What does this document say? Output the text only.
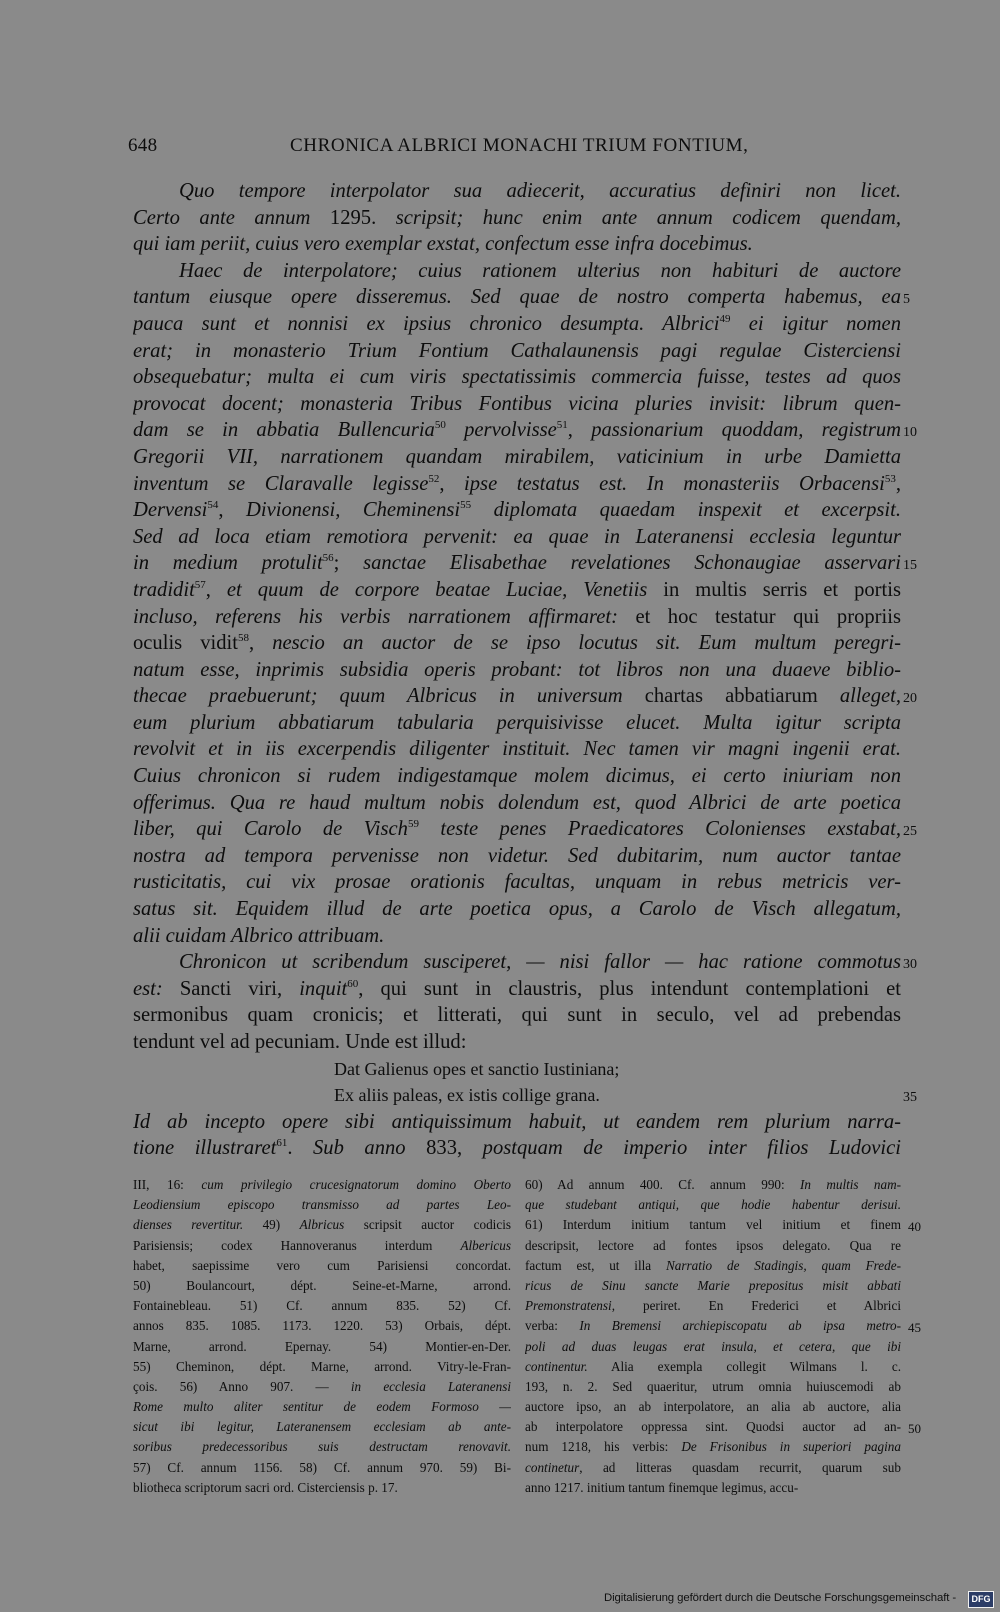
648	CHRONICA ALBRICI MONACHI TRIUM FONTIUM,
Quo tempore interpolator sua adiecerit, accuratius definiri non licet.
Certo ante annum 1295. scripsit; hunc enim ante annum codicem quendam,
qui iam periit, cuius vero exemplar exstat, confectum esse infra docebimus.
Haec de interpolatore; cuius rationem ulterius non habituri de auctore
tantum eiusque opere disseremus. Sed quae de nostro comperta habemus, ea
pauca sunt et nonnisi ex ipsius chronico desumpta. Albrici$^{49}$ ei igitur nomen
erat; in monasterio Trium Fontium Cathalaunensis pagi regulae Cisterciensi
obsequebatur; multa ei cum viris spectatissimis commercia fuisse, testes ad quos
provocat docent; monasteria Tribus Fontibus vicina pluries invisit: librum quen-
dam se in abbatia Bullencuria$^{50}$ pervolvisse$^{51}$, passionarium quoddam, registrum
Gregorii VII, narrationem quandam mirabilem, vaticinium in urbe Damietta
inventum se Claravalle legisse$^{52}$, ipse testatus est. In monasteriis Orbacensi$^{53}$,
Dervensi$^{54}$, Divionensi, Cheminensi$^{55}$ diplomata quaedam inspexit et excerpsit.
Sed ad loca etiam remotiora pervenit: ea quae in Lateranensi ecclesia leguntur
in medium protulit$^{56}$; sanctae Elisabethae revelationes Schonaugiae asservari
tradidit$^{57}$, et quum de corpore beatae Luciae, Venetiis in multis serris et portis
incluso, referens his verbis narrationem affirmaret: et hoc testatur qui propriis
oculis vidit$^{58}$, nescio an auctor de se ipso locutus sit. Eum multum peregri-
natum esse, inprimis subsidia operis probant: tot libros non una duaeve biblio-
thecae praebuerunt; quum Albricus in universum chartas abbatiarum alleget,
eum plurium abbatiarum tabularia perquisivisse elucet. Multa igitur scripta
revolvit et in iis excerpendis diligenter instituit. Nec tamen vir magni ingenii erat.
Cuius chronicon si rudem indigestamque molem dicimus, ei certo iniuriam non
offerimus. Qua re haud multum nobis dolendum est, quod Albrici de arte poetica
liber, qui Carolo de Visch$^{59}$ teste penes Praedicatores Colonienses exstabat,
nostra ad tempora pervenisse non videtur. Sed dubitarim, num auctor tantae
rusticitatis, cui vix prosae orationis facultas, unquam in rebus metricis ver-
satus sit. Equidem illud de arte poetica opus, a Carolo de Visch allegatum,
alii cuidam Albrico attribuam.
Chronicon ut scribendum susciperet, — nisi fallor — hac ratione commotus
est: Sancti viri, inquit$^{60}$, qui sunt in claustris, plus intendunt contemplationi et
sermonibus quam cronicis; et litterati, qui sunt in seculo, vel ad prebendas
tendunt vel ad pecuniam. Unde est illud:
Dat Galienus opes et sanctio Iustiniana;
Ex aliis paleas, ex istis collige grana.
Id ab incepto opere sibi antiquissimum habuit, ut eandem rem plurium narra-
tione illustraret$^{61}$. Sub anno 833, postquam de imperio inter filios Ludovici
5
10
15
20
25
30
35
III, 16: cum privilegio crucesignatorum domino Oberto
Leodiensium episcopo transmisso ad partes Leo-
dienses revertitur. 49) Albricus scripsit auctor codicis
Parisiensis; codex Hannoveranus interdum Albericus
habet, saepissime vero cum Parisiensi concordat.
50) Boulancourt, dépt. Seine-et-Marne, arrond.
Fontainebleau. 51) Cf. annum 835. 52) Cf.
annos 835. 1085. 1173. 1220. 53) Orbais, dépt.
Marne, arrond. Epernay. 54) Montier-en-Der.
55) Cheminon, dépt. Marne, arrond. Vitry-le-Fran-
çois. 56) Anno 907. — in ecclesia Lateranensi
Rome multo aliter sentitur de eodem Formoso —
sicut ibi legitur, Lateranensem ecclesiam ab ante-
soribus predecessoribus suis destructam renovavit.
57) Cf. annum 1156. 58) Cf. annum 970. 59) Bi-
bliotheca scriptorum sacri ord. Cisterciensis p. 17.
60) Ad annum 400. Cf. annum 990: In multis nam-
que studebant antiqui, que hodie habentur derisui.
61) Interdum initium tantum vel initium et finem
descripsit, lectore ad fontes ipsos delegato. Qua re
factum est, ut illa Narratio de Stadingis, quam Frede-
ricus de Sinu sancte Marie prepositus misit abbati
Premonstratensi, periret. En Frederici et Albrici
verba: In Bremensi archiepiscopatu ab ipsa metro-
poli ad duas leugas erat insula, et cetera, que ibi
continentur. Alia exempla collegit Wilmans l. c.
193, n. 2. Sed quaeritur, utrum omnia huiuscemodi ab
auctore ipso, an ab interpolatore, an alia ab auctore, alia
ab interpolatore oppressa sint. Quodsi auctor ad an-
num 1218, his verbis: De Frisonibus in superiori pagina
continetur, ad litteras quasdam recurrit, quarum sub
anno 1217. initium tantum finemque legimus, accu-
40
45
50
Digitalisierung gefördert durch die Deutsche Forschungsgemeinschaft -	DFG
